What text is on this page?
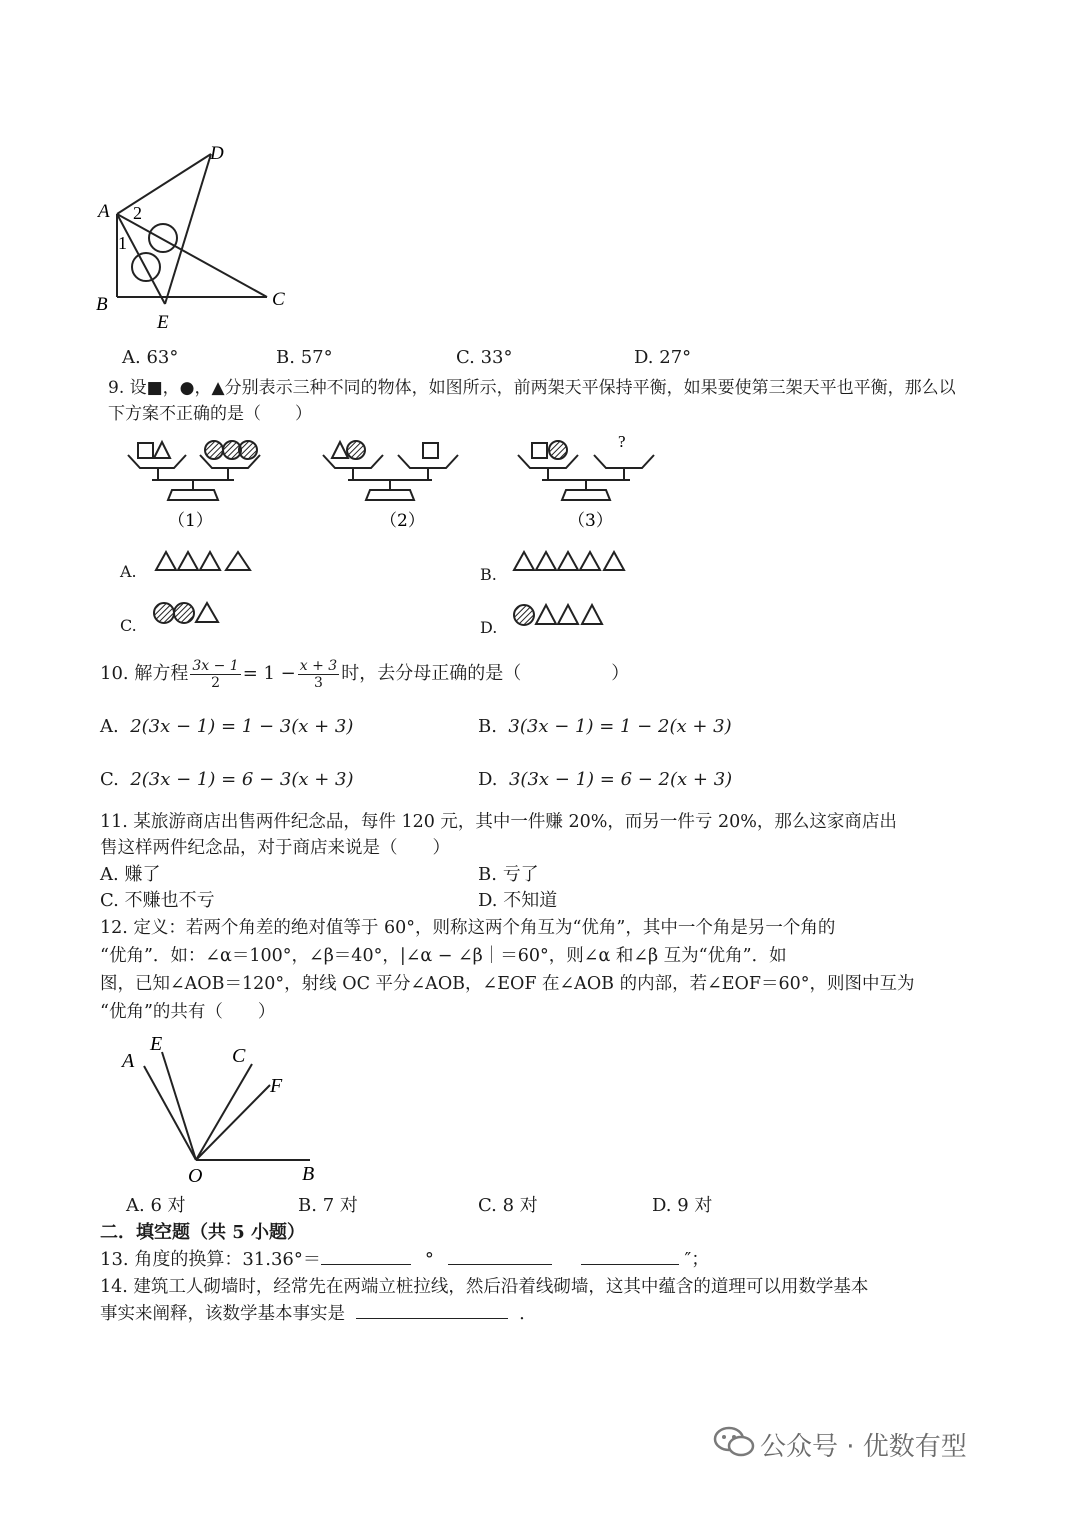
D
A 2
1
B	C
E
A. 63°	B. 57°	C. 33°	D. 27°
9. 设■，●，▲分别表示三种不同的物体，如图所示，前两架天平保持平衡，如果要使第三架天平也平衡，那么以
下方案不正确的是（　　）
?
（1）	（2）	（3）
A.	B.
C.	D.
10. 解方程 $\frac{3x - 1}{2} = 1 - \frac{x + 3}{3}$ 时，去分母正确的是（　　　　　）
A. 2(3x − 1) = 1 − 3(x + 3)	B. 3(3x − 1) = 1 − 2(x + 3)
C. 2(3x − 1) = 6 − 3(x + 3)	D. 3(3x − 1) = 6 − 2(x + 3)
11. 某旅游商店出售两件纪念品，每件 120 元，其中一件赚 20%，而另一件亏 20%，那么这家商店出
售这样两件纪念品，对于商店来说是（　　）
A. 赚了	B. 亏了
C. 不赚也不亏	D. 不知道
12. 定义：若两个角差的绝对值等于 60°，则称这两个角互为“优角”，其中一个角是另一个角的
“优角”．如：∠α＝100°，∠β＝40°，|∠α − ∠β｜＝60°，则∠α 和∠β 互为“优角”．如
图，已知∠AOB＝120°，射线 OC 平分∠AOB，∠EOF 在∠AOB 的内部，若∠EOF＝60°，则图中互为
“优角”的共有（　　）
A
E
C
F
O	B
A. 6 对	B. 7 对	C. 8 对	D. 9 对
二．填空题（共 5 小题）
13. 角度的换算：31.36°＝	°	″；
14. 建筑工人砌墙时，经常先在两端立桩拉线，然后沿着线砌墙，这其中蕴含的道理可以用数学基本
事实来阐释，该数学基本事实是	．
公众号 · 优数有型
